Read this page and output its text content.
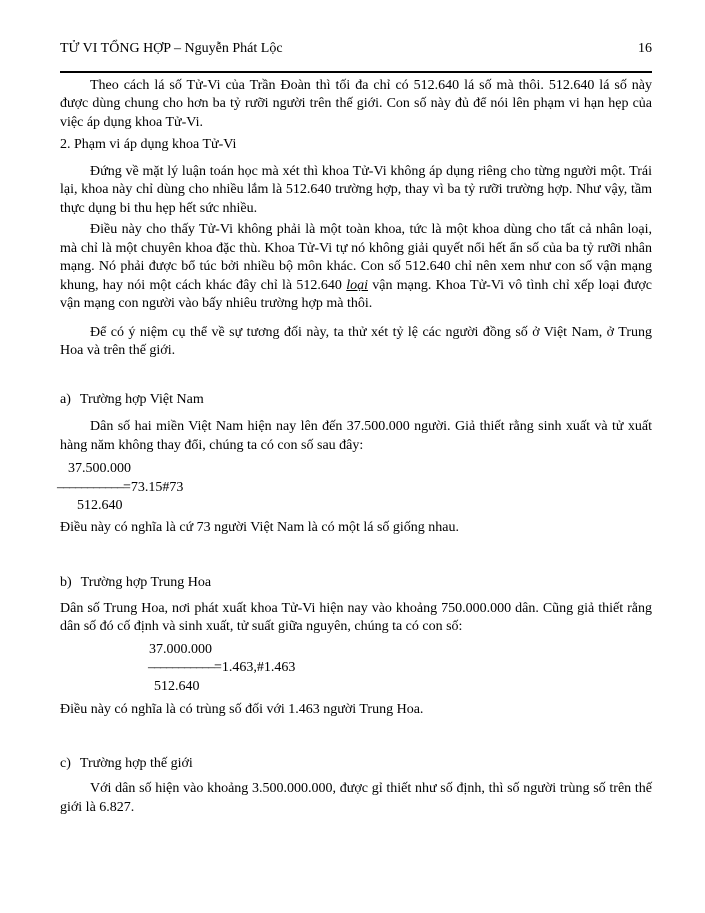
TỬ VI TỔNG HỢP – Nguyễn Phát Lộc	16

Theo cách lá số Tử-Vi của Trần Đoàn thì tối đa chỉ có 512.640 lá số mà thôi. 512.640 lá số này được dùng chung cho hơn ba tỷ rưỡi người trên thế giới. Con số này đủ để nói lên phạm vi hạn hẹp của việc áp dụng khoa Tử-Vi.

2. Phạm vi áp dụng khoa Tử-Vi

Đứng về mặt lý luận toán học mà xét thì khoa Tử-Vi không áp dụng riêng cho từng người một. Trái lại, khoa này chỉ dùng cho nhiều lắm là 512.640 trường hợp, thay vì ba tỷ rưỡi trường hợp. Như vậy, tầm thực dụng bi thu hẹp hết sức nhiều.

Điều này cho thấy Tử-Vi không phải là một toàn khoa, tức là một khoa dùng cho tất cả nhân loại, mà chỉ là một chuyên khoa đặc thù. Khoa Tử-Vi tự nó không giải quyết nổi hết ẩn số của ba tỷ rưỡi nhân mạng. Nó phải được bổ túc bởi nhiều bộ môn khác. Con số 512.640 chỉ nên xem như con số vận mạng khung, hay nói một cách khác đây chỉ là 512.640 loại vận mạng. Khoa Tử-Vi vô tình chỉ xếp loại được vận mạng con người vào bấy nhiêu trường hợp mà thôi.

Để có ý niệm cụ thể về sự tương đối này, ta thử xét tỷ lệ các người đồng số ở Việt Nam, ở Trung Hoa và trên thế giới.

a) Trường hợp Việt Nam

Dân số hai miền Việt Nam hiện nay lên đến 37.500.000 người. Giả thiết rằng sinh xuất và tử xuất hàng năm không thay đổi, chúng ta có con số sau đây:

37.500.000
–––––––––––=73.15#73
512.640

Điều này có nghĩa là cứ 73 người Việt Nam là có một lá số giống nhau.

b) Trường hợp Trung Hoa

Dân số Trung Hoa, nơi phát xuất khoa Tử-Vi hiện nay vào khoảng 750.000.000 dân. Cũng giả thiết rằng dân số đó cố định và sinh xuất, tử suất giữa nguyên, chúng ta có con số:

37.000.000
–––––––––––=1.463,#1.463
512.640

Điều này có nghĩa là có trùng số đối với 1.463 người Trung Hoa.

c) Trường hợp thế giới

Với dân số hiện vào khoảng 3.500.000.000, được gỉ thiết như số định, thì số người trùng số trên thế giới là 6.827.
